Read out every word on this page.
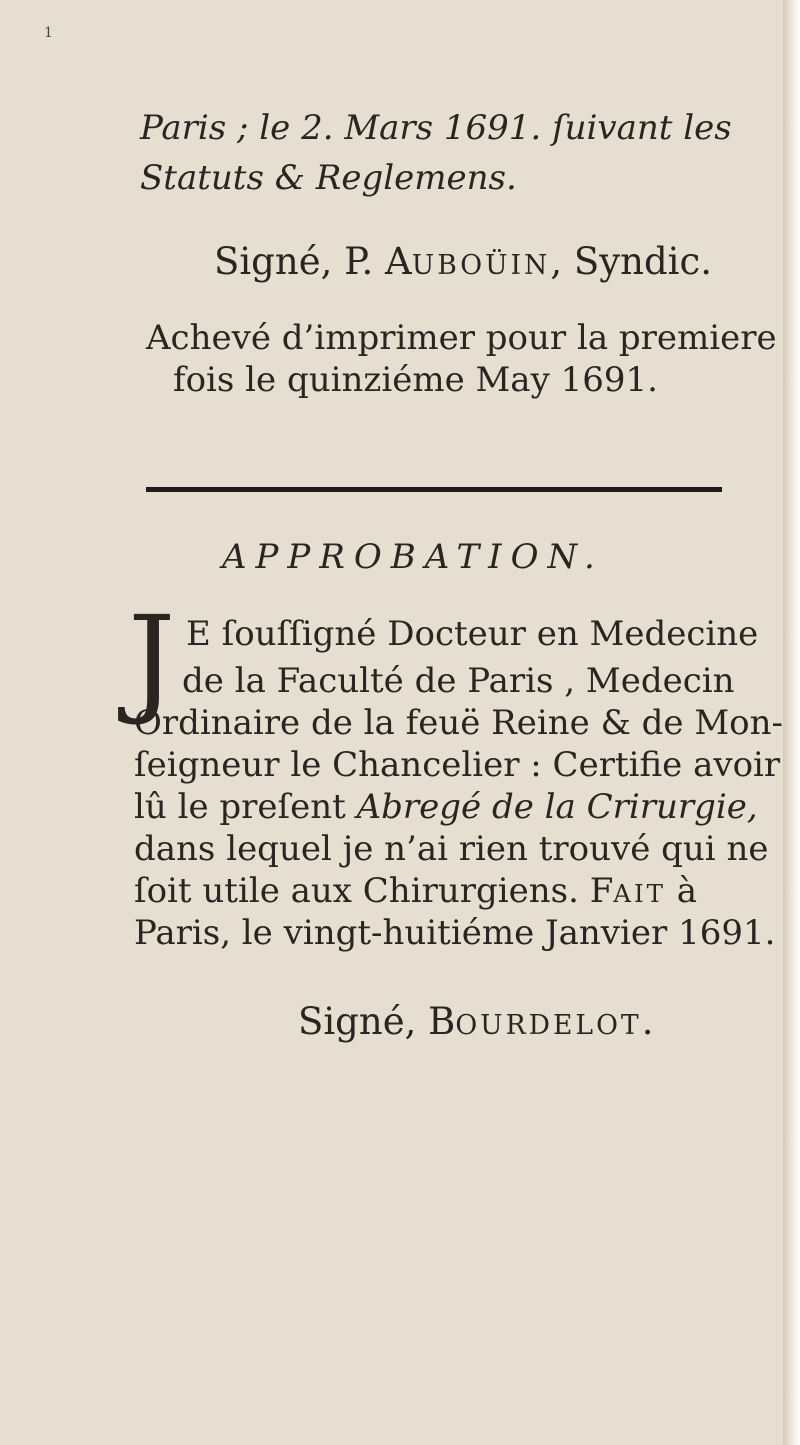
1
Paris ; le 2. Mars 1691. ſuivant les
Statuts & Reglemens.
Signé, P. AUBOÜIN, Syndic.
Achevé d’imprimer pour la premiere
fois le quinziéme May 1691.
APPROBATION.
J E ſouſſigné Docteur en Medecine
de la Faculté de Paris , Medecin
Ordinaire de la feuë Reine & de Mon-
ſeigneur le Chancelier : Certifie avoir
lû le preſent Abregé de la Crirurgie,
dans lequel je n’ai rien trouvé qui ne
ſoit utile aux Chirurgiens. FAIT à
Paris, le vingt-huitiéme Janvier 1691.
Signé, BOURDELOT.
